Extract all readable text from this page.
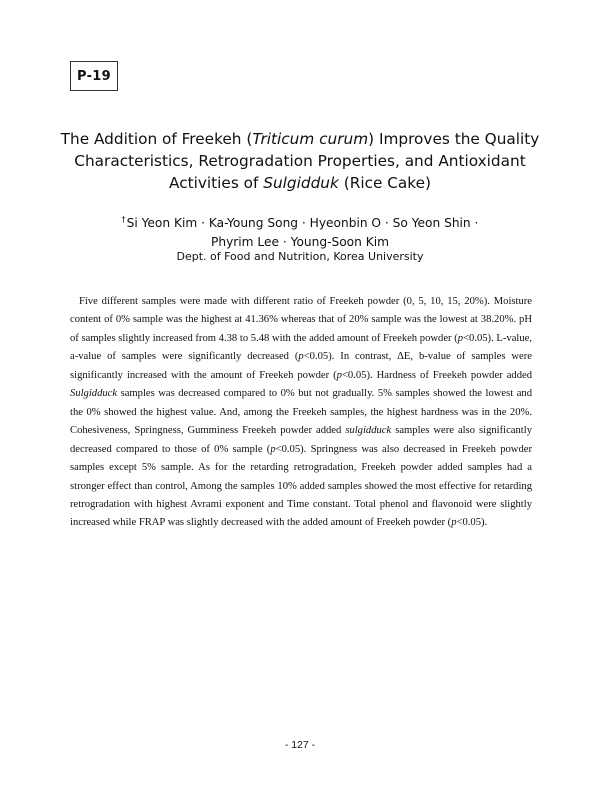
P-19
The Addition of Freekeh (Triticum curum) Improves the Quality Characteristics, Retrogradation Properties, and Antioxidant Activities of Sulgidduk (Rice Cake)
†Si Yeon Kim · Ka-Young Song · Hyeonbin O · So Yeon Shin ·
Phyrim Lee · Young-Soon Kim
Dept. of Food and Nutrition, Korea University

Five different samples were made with different ratio of Freekeh powder (0, 5, 10, 15, 20%). Moisture content of 0% sample was the highest at 41.36% whereas that of 20% sample was the lowest at 38.20%. pH of samples slightly increased from 4.38 to 5.48 with the added amount of Freekeh powder (p<0.05). L-value, a-value of samples were significantly decreased (p<0.05). In contrast, ΔE, b-value of samples were significantly increased with the amount of Freekeh powder (p<0.05). Hardness of Freekeh powder added Sulgidduck samples was decreased compared to 0% but not gradually. 5% samples showed the lowest and the 0% showed the highest value. And, among the Freekeh samples, the highest hardness was in the 20%. Cohesiveness, Springness, Gumminess Freekeh powder added sulgidduck samples were also significantly decreased compared to those of 0% sample (p<0.05). Springness was also decreased in Freekeh powder samples except 5% sample. As for the retarding retrogradation, Freekeh powder added samples had a stronger effect than control, Among the samples 10% added samples showed the most effective for retarding retrogradation with highest Avrami exponent and Time constant. Total phenol and flavonoid were slightly increased while FRAP was slightly decreased with the added amount of Freekeh powder (p<0.05).

- 127 -
